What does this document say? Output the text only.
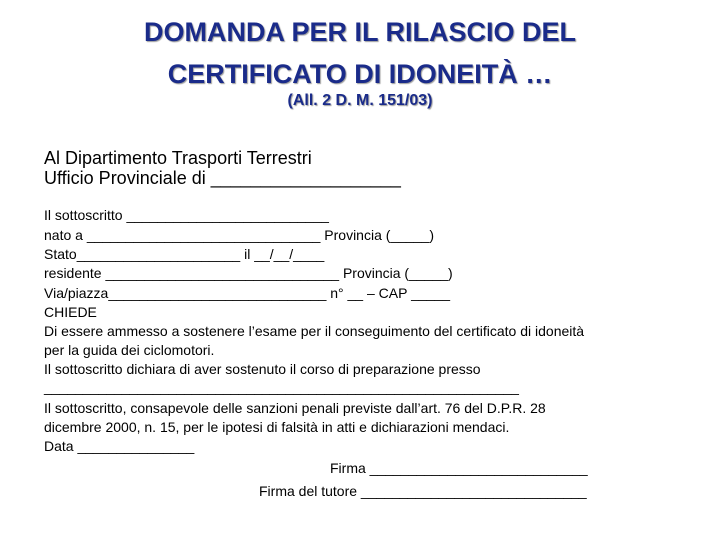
DOMANDA PER IL RILASCIO DEL
CERTIFICATO DI IDONEITÀ …
(All. 2 D. M. 151/03)
Al Dipartimento Trasporti Terrestri
Ufficio Provinciale di ___________________
Il sottoscritto __________________________
nato a ______________________________ Provincia (_____)
Stato_____________________ il __/__/____
residente ______________________________ Provincia (_____)
Via/piazza____________________________ n° __ – CAP _____
CHIEDE
Di essere ammesso a sostenere l’esame per il conseguimento del certificato di idoneità
per la guida dei ciclomotori.
Il sottoscritto dichiara di aver sostenuto il corso di preparazione presso
_____________________________________________________________
Il sottoscritto, consapevole delle sanzioni penali previste dall’art. 76 del D.P.R. 28
dicembre 2000, n. 15, per le ipotesi di falsità in atti e dichiarazioni mendaci.
Data _______________
Firma ____________________________
Firma del tutore _____________________________
